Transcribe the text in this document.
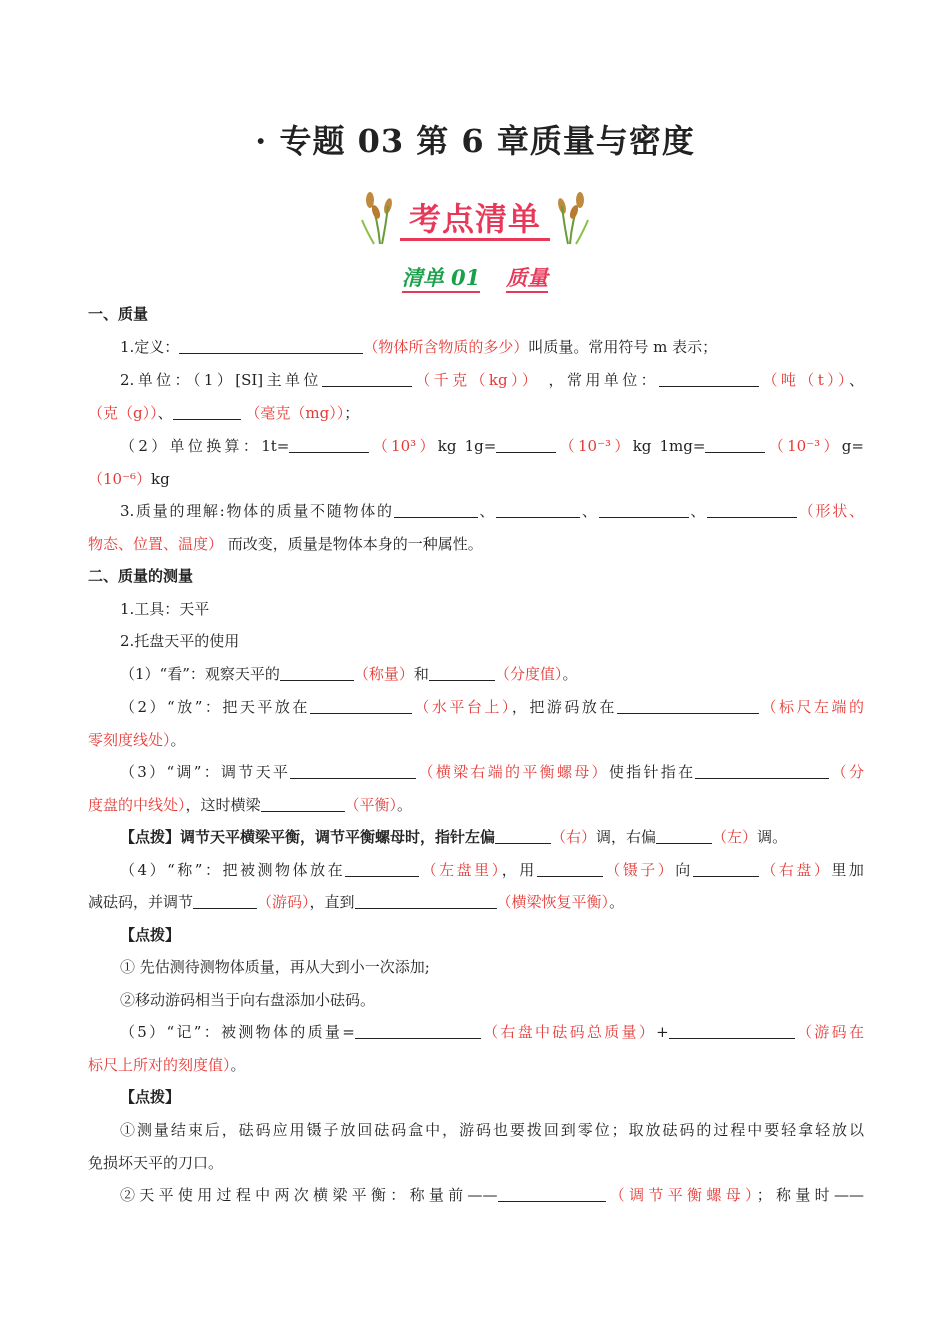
· 专题 03 第 6 章质量与密度
考点清单
清单 01 质量
一、质量
1.定义：	（物体所含物质的多少）叫质量。常用符号 m 表示；
2.单位：（1）[SI]主单位	（千克（kg）） ，常用单位：	（吨（t））、
（克（g））、	（毫克（mg））；
（2）单位换算：1t=	（10³）kg 1g=	（10⁻³）kg 1mg=	（10⁻³）g=
（10⁻⁶）kg
3.质量的理解:物体的质量不随物体的	、	、	、	（形状、
物态、位置、温度） 而改变，质量是物体本身的一种属性。
二、质量的测量
1.工具：天平
2.托盘天平的使用
（1）“看”：观察天平的	（称量）和	（分度值）。
（2）“放”：把天平放在	（水平台上），把游码放在	（标尺左端的
零刻度线处）。
（3）“调”：调节天平	（横梁右端的平衡螺母）使指针指在	（分
度盘的中线处），这时横梁	（平衡）。
【点拨】调节天平横梁平衡，调节平衡螺母时，指针左偏	（右）调，右偏	（左）调。
（4）“称”：把被测物体放在	（左盘里），用	（镊子）向	（右盘）里加
减砝码，并调节	（游码），直到	（横梁恢复平衡）。
【点拨】
① 先估测待测物体质量，再从大到小一次添加;
②移动游码相当于向右盘添加小砝码。
（5）“记”：被测物体的质量=	（右盘中砝码总质量）+	（游码在
标尺上所对的刻度值）。
【点拨】
①测量结束后，砝码应用镊子放回砝码盒中，游码也要拨回到零位；取放砝码的过程中要轻拿轻放以
免损坏天平的刀口。
②天平使用过程中两次横梁平衡：称量前——	（调节平衡螺母）；称量时——
